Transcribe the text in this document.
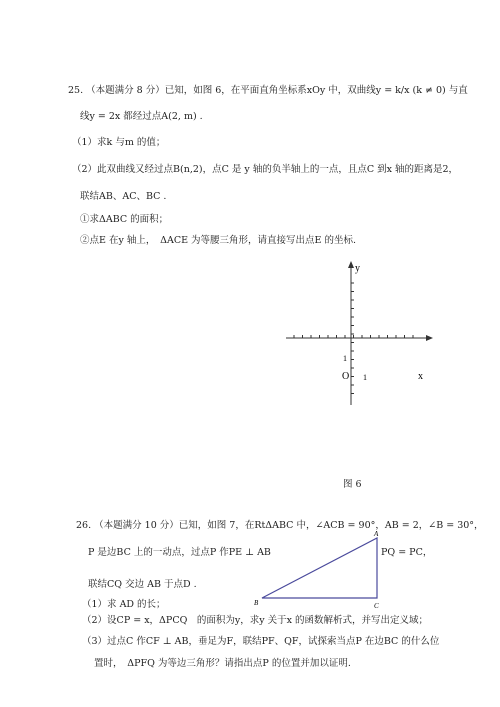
25. （本题满分 8 分）已知，如图 6，在平面直角坐标系xOy 中，双曲线y = k/x (k ≠ 0) 与直
线y = 2x 都经过点A(2, m) .
（1）求k 与m 的值；
（2）此双曲线又经过点B(n,2)，点C 是 y 轴的负半轴上的一点，且点C 到x 轴的距离是2，
联结AB、AC、BC .
①求ΔABC 的面积；
②点E 在y 轴上，　ΔACE 为等腰三角形，请直接写出点E 的坐标.
y
x
O 1
1
图 6
26. （本题满分 10 分）已知，如图 7，在RtΔABC 中，∠ACB = 90°，AB = 2，∠B = 30°，
P 是边BC 上的一动点，过点P 作PE ⊥ AB	PQ = PC，
联结CQ 交边 AB 于点D .
（1）求 AD 的长；
（2）设CP = x，ΔPCQ　的面积为y，求y 关于x 的函数解析式，并写出定义域；
（3）过点C 作CF ⊥ AB，垂足为F，联结PF、QF，试探索当点P 在边BC 的什么位
置时，　ΔPFQ 为等边三角形？请指出点P 的位置并加以证明.
A
B	C
